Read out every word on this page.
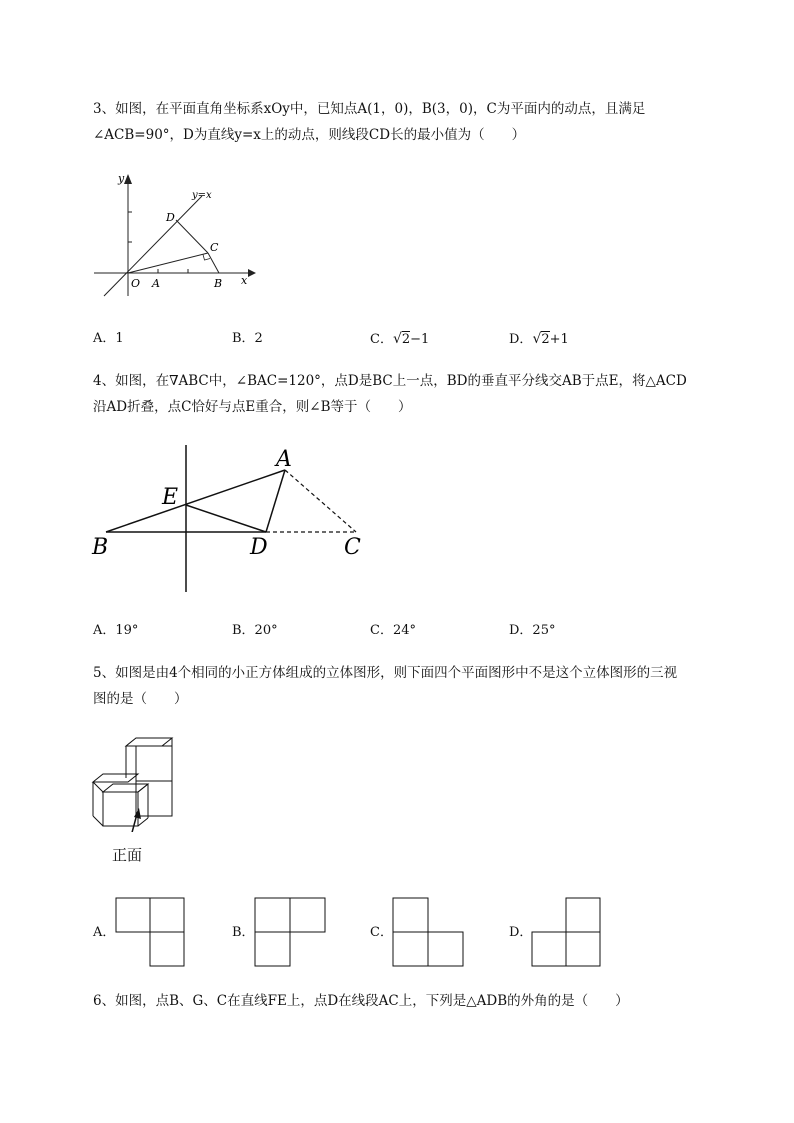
3、如图，在平面直角坐标系xOy中，已知点A(1，0)，B(3，0)，C为平面内的动点，且满足
∠ACB=90°，D为直线y=x上的动点，则线段CD长的最小值为（　　）
y
y=x
D
C
O A	B x
A．1	B．2	C．√2−1	D．√2+1
4、如图，在∇ABC中，∠BAC=120°，点D是BC上一点，BD的垂直平分线交AB于点E，将△ACD
沿AD折叠，点C恰好与点E重合，则∠B等于（　　）
A
E
B	D	C
A．19°	B．20°	C．24°	D．25°
5、如图是由4个相同的小正方体组成的立体图形，则下面四个平面图形中不是这个立体图形的三视
图的是（　　）
正面
A．	B．	C．	D．
6、如图，点B、G、C在直线FE上，点D在线段AC上，下列是△ADB的外角的是（　　）
